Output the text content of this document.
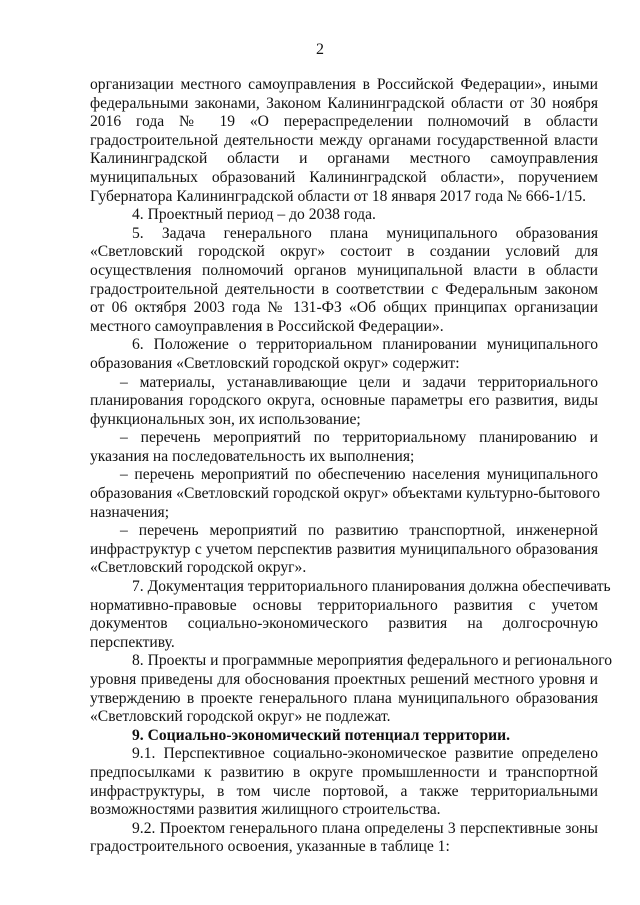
2
организации местного самоуправления в Российской Федерации», иными
федеральными законами, Законом Калининградской области от 30 ноября
2016 года № 19 «О перераспределении полномочий в области
градостроительной деятельности между органами государственной власти
Калининградской области и органами местного самоуправления
муниципальных образований Калининградской области», поручением
Губернатора Калининградской области от 18 января 2017 года № 666-1/15.
4. Проектный период – до 2038 года.
5. Задача генерального плана муниципального образования
«Светловский городской округ» состоит в создании условий для
осуществления полномочий органов муниципальной власти в области
градостроительной деятельности в соответствии с Федеральным законом
от 06 октября 2003 года № 131-ФЗ «Об общих принципах организации
местного самоуправления в Российской Федерации».
6. Положение о территориальном планировании муниципального
образования «Светловский городской округ» содержит:
– материалы, устанавливающие цели и задачи территориального
планирования городского округа, основные параметры его развития, виды
функциональных зон, их использование;
– перечень мероприятий по территориальному планированию и
указания на последовательность их выполнения;
– перечень мероприятий по обеспечению населения муниципального
образования «Светловский городской округ» объектами культурно-бытового
назначения;
– перечень мероприятий по развитию транспортной, инженерной
инфраструктур с учетом перспектив развития муниципального образования
«Светловский городской округ».
7. Документация территориального планирования должна обеспечивать
нормативно-правовые основы территориального развития с учетом
документов социально-экономического развития на долгосрочную
перспективу.
8. Проекты и программные мероприятия федерального и регионального
уровня приведены для обоснования проектных решений местного уровня и
утверждению в проекте генерального плана муниципального образования
«Светловский городской округ» не подлежат.
9. Социально-экономический потенциал территории.
9.1. Перспективное социально-экономическое развитие определено
предпосылками к развитию в округе промышленности и транспортной
инфраструктуры, в том числе портовой, а также территориальными
возможностями развития жилищного строительства.
9.2. Проектом генерального плана определены 3 перспективные зоны
градостроительного освоения, указанные в таблице 1:
